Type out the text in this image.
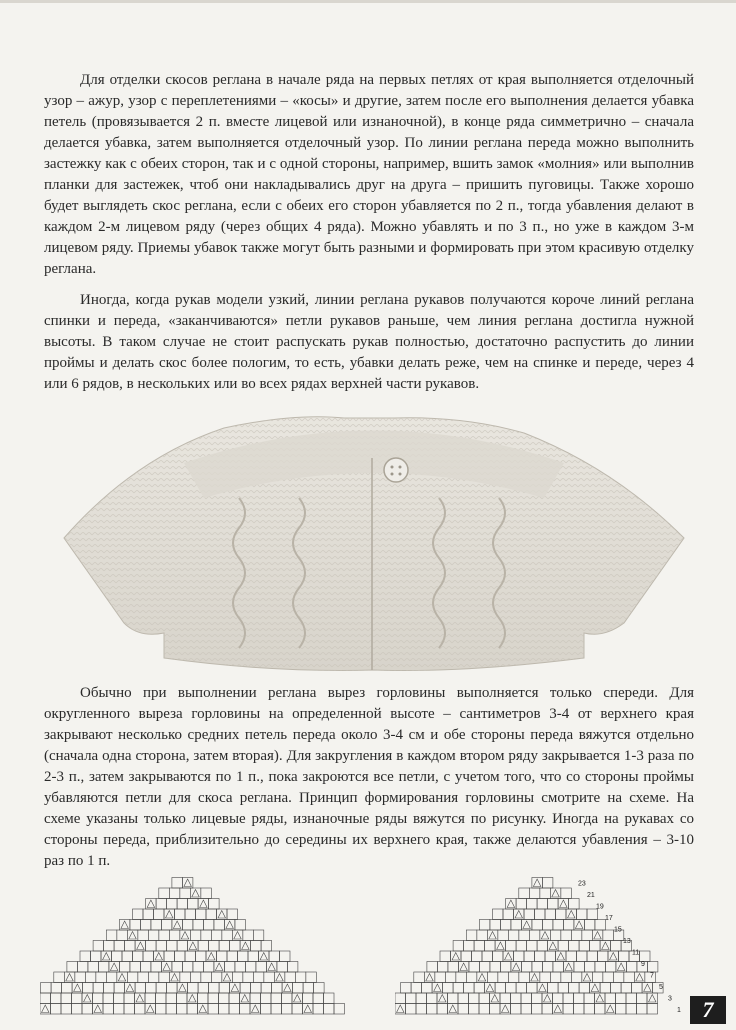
Для отделки скосов реглана в начале ряда на первых петлях от края выполняется отделочный узор – ажур, узор с переплетениями – «косы» и другие, затем после его выполнения делается убавка петель (провязывается 2 п. вместе лицевой или изнаночной), в конце ряда симметрично – сначала делается убавка, затем выполняется отделочный узор. По линии реглана переда можно выполнить застежку как с обеих сторон, так и с одной стороны, например, вшить замок «молния» или выполнив планки для застежек, чтоб они накладывались друг на друга – пришить пуговицы. Также хорошо будет выглядеть скос реглана, если с обеих его сторон убавляется по 2 п., тогда убавления делают в каждом 2-м лицевом ряду (через общих 4 ряда). Можно убавлять и по 3 п., но уже в каждом 3-м лицевом ряду. Приемы убавок также могут быть разными и формировать при этом красивую отделку реглана.

Иногда, когда рукав модели узкий, линии реглана рукавов получаются короче линий реглана спинки и переда, «заканчиваются» петли рукавов раньше, чем линия реглана достигла нужной высоты. В таком случае не стоит распускать рукав полностью, достаточно распустить до линии проймы и делать скос более пологим, то есть, убавки делать реже, чем на спинке и переде, через 4 или 6 рядов, в нескольких или во всех рядах верхней части рукавов.

Обычно при выполнении реглана вырез горловины выполняется только спереди. Для округленного выреза горловины на определенной высоте – сантиметров 3-4 от верхнего края закрывают несколько средних петель переда около 3-4 см и обе стороны переда вяжутся отдельно (сначала одна сторона, затем вторая). Для закругления в каждом втором ряду закрывается 1-3 раза по 2-3 п., затем закрываются по 1 п., пока закроются все петли, с учетом того, что со стороны проймы убавляются петли для скоса реглана. Принцип формирования горловины смотрите на схеме. На схеме указаны только лицевые ряды, изнаночные ряды вяжутся по рисунку. Иногда на рукавах со стороны переда, приблизительно до середины их верхнего края, также делаются убавления – 3-10 раз по 1 п.

1
3
5
7
9
11
13
15
17
19
21
23
7
